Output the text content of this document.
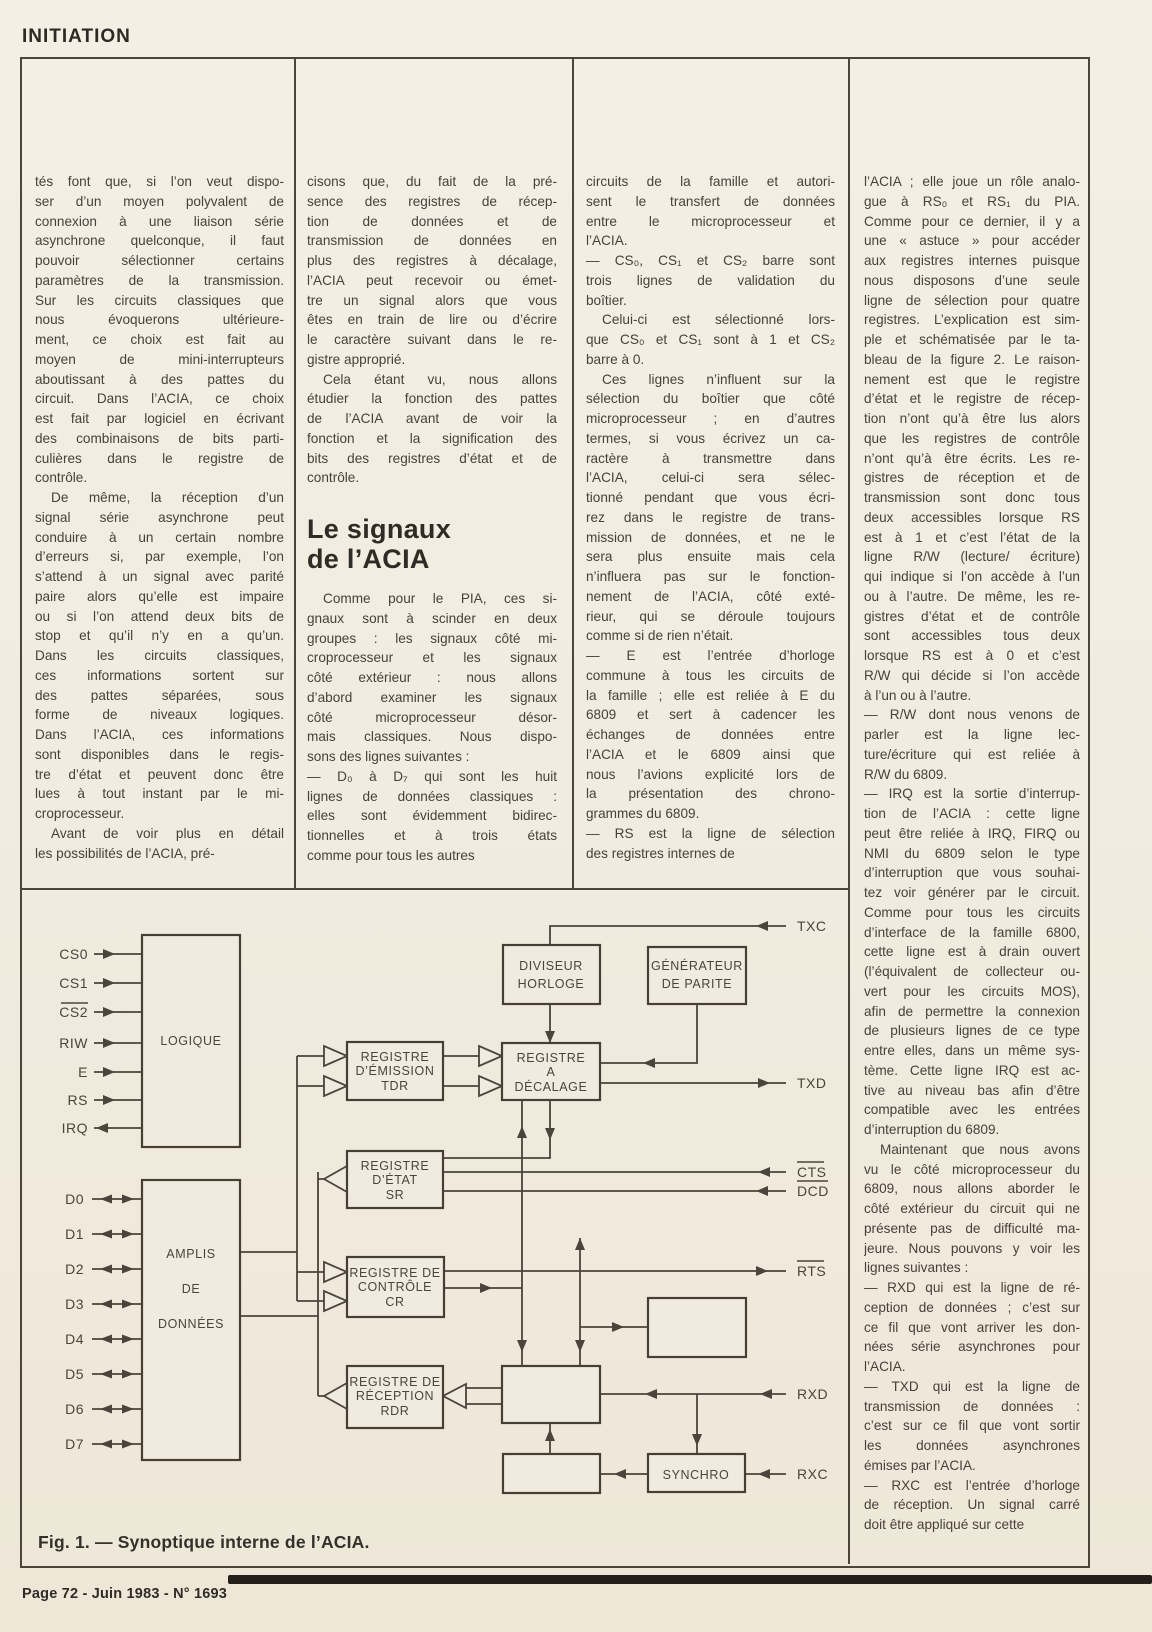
INITIATION
tés font que, si l’on veut dispo-
ser d’un moyen polyvalent de
connexion à une liaison série
asynchrone quelconque, il faut
pouvoir sélectionner certains
paramètres de la transmission.
Sur les circuits classiques que
nous évoquerons ultérieure-
ment, ce choix est fait au
moyen de mini-interrupteurs
aboutissant à des pattes du
circuit. Dans l’ACIA, ce choix
est fait par logiciel en écrivant
des combinaisons de bits parti-
culières dans le registre de
contrôle.
De même, la réception d’un
signal série asynchrone peut
conduire à un certain nombre
d’erreurs si, par exemple, l’on
s’attend à un signal avec parité
paire alors qu’elle est impaire
ou si l’on attend deux bits de
stop et qu’il n’y en a qu’un.
Dans les circuits classiques,
ces informations sortent sur
des pattes séparées, sous
forme de niveaux logiques.
Dans l’ACIA, ces informations
sont disponibles dans le regis-
tre d’état et peuvent donc être
lues à tout instant par le mi-
croprocesseur.
Avant de voir plus en détail
les possibilités de l’ACIA, pré-
cisons que, du fait de la pré-
sence des registres de récep-
tion de données et de
transmission de données en
plus des registres à décalage,
l’ACIA peut recevoir ou émet-
tre un signal alors que vous
êtes en train de lire ou d’écrire
le caractère suivant dans le re-
gistre approprié.
Cela étant vu, nous allons
étudier la fonction des pattes
de l’ACIA avant de voir la
fonction et la signification des
bits des registres d’état et de
contrôle.
Le signaux
de l’ACIA
Comme pour le PIA, ces si-
gnaux sont à scinder en deux
groupes : les signaux côté mi-
croprocesseur et les signaux
côté extérieur : nous allons
d’abord examiner les signaux
côté microprocesseur désor-
mais classiques. Nous dispo-
sons des lignes suivantes :
— D₀ à D₇ qui sont les huit
lignes de données classiques :
elles sont évidemment bidirec-
tionnelles et à trois états
comme pour tous les autres
circuits de la famille et autori-
sent le transfert de données
entre le microprocesseur et
l’ACIA.
— CS₀, CS₁ et CS₂ barre sont
trois lignes de validation du
boîtier.
Celui-ci est sélectionné lors-
que CS₀ et CS₁ sont à 1 et CS₂
barre à 0.
Ces lignes n’influent sur la
sélection du boîtier que côté
microprocesseur ; en d’autres
termes, si vous écrivez un ca-
ractère à transmettre dans
l’ACIA, celui-ci sera sélec-
tionné pendant que vous écri-
rez dans le registre de trans-
mission de données, et ne le
sera plus ensuite mais cela
n’influera pas sur le fonction-
nement de l’ACIA, côté exté-
rieur, qui se déroule toujours
comme si de rien n’était.
— E est l’entrée d’horloge
commune à tous les circuits de
la famille ; elle est reliée à E du
6809 et sert à cadencer les
échanges de données entre
l’ACIA et le 6809 ainsi que
nous l’avions explicité lors de
la présentation des chrono-
grammes du 6809.
— RS est la ligne de sélection
des registres internes de
l’ACIA ; elle joue un rôle analo-
gue à RS₀ et RS₁ du PIA.
Comme pour ce dernier, il y a
une « astuce » pour accéder
aux registres internes puisque
nous disposons d’une seule
ligne de sélection pour quatre
registres. L’explication est sim-
ple et schématisée par le ta-
bleau de la figure 2. Le raison-
nement est que le registre
d’état et le registre de récep-
tion n’ont qu’à être lus alors
que les registres de contrôle
n’ont qu’à être écrits. Les re-
gistres de réception et de
transmission sont donc tous
deux accessibles lorsque RS
est à 1 et c’est l’état de la
ligne R/W (lecture/ écriture)
qui indique si l’on accède à l’un
ou à l’autre. De même, les re-
gistres d’état et de contrôle
sont accessibles tous deux
lorsque RS est à 0 et c’est
R/W qui décide si l’on accède
à l’un ou à l’autre.
— R/W dont nous venons de
parler est la ligne lec-
ture/écriture qui est reliée à
R/W du 6809.
— IRQ est la sortie d’interrup-
tion de l’ACIA : cette ligne
peut être reliée à IRQ, FIRQ ou
NMI du 6809 selon le type
d’interruption que vous souhai-
tez voir générer par le circuit.
Comme pour tous les circuits
d’interface de la famille 6800,
cette ligne est à drain ouvert
(l’équivalent de collecteur ou-
vert pour les circuits MOS),
afin de permettre la connexion
de plusieurs lignes de ce type
entre elles, dans un même sys-
tème. Cette ligne IRQ est ac-
tive au niveau bas afin d’être
compatible avec les entrées
d’interruption du 6809.
Maintenant que nous avons
vu le côté microprocesseur du
6809, nous allons aborder le
côté extérieur du circuit qui ne
présente pas de difficulté ma-
jeure. Nous pouvons y voir les
lignes suivantes :
— RXD qui est la ligne de ré-
ception de données ; c’est sur
ce fil que vont arriver les don-
nées série asynchrones pour
l’ACIA.
— TXD qui est la ligne de
transmission de données :
c’est sur ce fil que vont sortir
les données asynchrones
émises par l’ACIA.
— RXC est l’entrée d’horloge
de réception. Un signal carré
doit être appliqué sur cette
LOGIQUE
AMPLIS
DE
DONNÉES
REGISTRE
D’ÉMISSION
TDR
REGISTRE
D’ÉTAT
SR
REGISTRE DE
CONTRÔLE
CR
REGISTRE DE
RÉCEPTION
RDR
DIVISEUR
HORLOGE
GÉNÉRATEUR
DE PARITE
REGISTRE
A
DÉCALAGE
SYNCHRO
CS0
CS1
CS2
RIW
E
RS
IRQ
D0
D1
D2
D3
D4
D5
D6
D7
TXC
TXD
CTS
DCD
RTS
RXD
RXC
Fig. 1. — Synoptique interne de l’ACIA.
Page 72 - Juin 1983 - N° 1693
